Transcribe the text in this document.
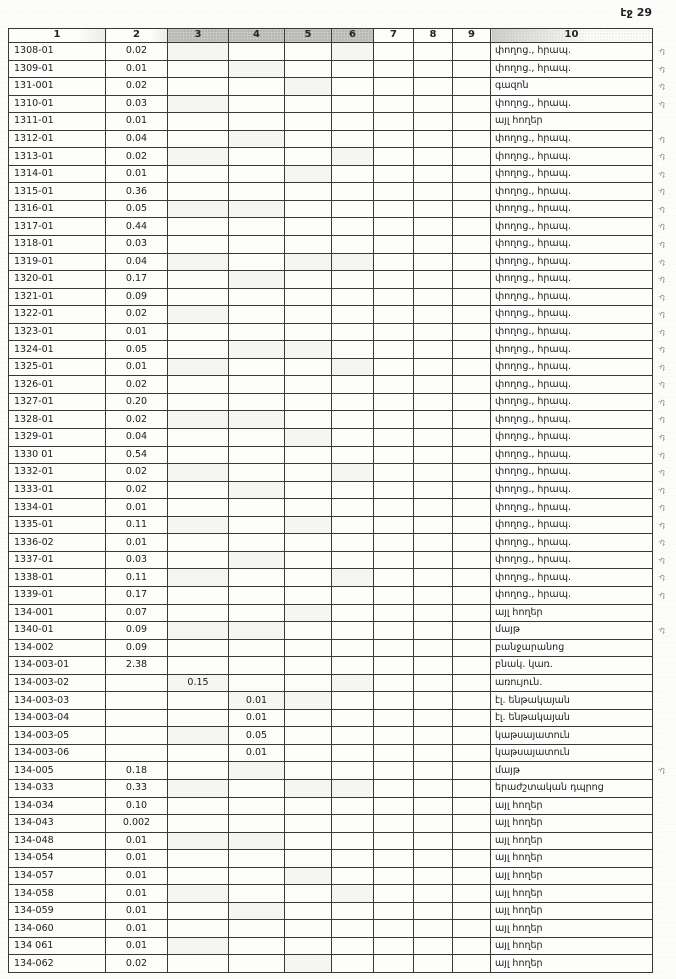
էջ 29
1	2	3	4	5	6	7	8	9	10
1308-01	0.02								փողոց., հրապ. ֊դ

1309-01	0.01								փողոց., հրապ. ֊դ

131-001	0.02								գազոն ֊դ

1310-01	0.03								փողոց., հրապ. ֊դ

1311-01	0.01								այլ հողեր
1312-01	0.04								փողոց., հրապ. ֊դ

1313-01	0.02								փողոց., հրապ. ֊դ

1314-01	0.01								փողոց., հրապ. ֊դ

1315-01	0.36								փողոց., հրապ. ֊դ

1316-01	0.05								փողոց., հրապ. ֊դ

1317-01	0.44								փողոց., հրապ. ֊դ

1318-01	0.03								փողոց., հրապ. ֊դ

1319-01	0.04								փողոց., հրապ. ֊դ

1320-01	0.17								փողոց., հրապ. ֊դ

1321-01	0.09								փողոց., հրապ. ֊դ

1322-01	0.02								փողոց., հրապ. ֊դ

1323-01	0.01								փողոց., հրապ. ֊դ

1324-01	0.05								փողոց., հրապ. ֊դ

1325-01	0.01								փողոց., հրապ. ֊դ

1326-01	0.02								փողոց., հրապ. ֊դ

1327-01	0.20								փողոց., հրապ. ֊դ

1328-01	0.02								փողոց., հրապ. ֊դ

1329-01	0.04								փողոց., հրապ. ֊դ

1330 01	0.54								փողոց., հրապ. ֊դ

1332-01	0.02								փողոց., հրապ. ֊դ

1333-01	0.02								փողոց., հրապ. ֊դ

1334-01	0.01								փողոց., հրապ. ֊դ

1335-01	0.11								փողոց., հրապ. ֊դ

1336-02	0.01								փողոց., հրապ. ֊դ

1337-01	0.03								փողոց., հրապ. ֊դ

1338-01	0.11								փողոց., հրապ. ֊դ

1339-01	0.17								փողոց., հրապ. ֊դ

134-001	0.07								այլ հողեր
1340-01	0.09								մայթ ֊դ

134-002	0.09								բանջարանոց
134-003-01	2.38								բնակ. կառ.
134-003-02		0.15							առույուն.
134-003-03			0.01						էլ. ենթակայան
134-003-04			0.01						էլ. ենթակայան
134-003-05			0.05						կաթսայատուն
134-003-06			0.01						կաթսայատուն
134-005	0.18								մայթ ֊դ

134-033	0.33								երաժշտական դպրոց
134-034	0.10								այլ հողեր
134-043	0.002								այլ հողեր
134-048	0.01								այլ հողեր
134-054	0.01								այլ հողեր
134-057	0.01								այլ հողեր
134-058	0.01								այլ հողեր
134-059	0.01								այլ հողեր
134-060	0.01								այլ հողեր
134 061	0.01								այլ հողեր
134-062	0.02								այլ հողեր
